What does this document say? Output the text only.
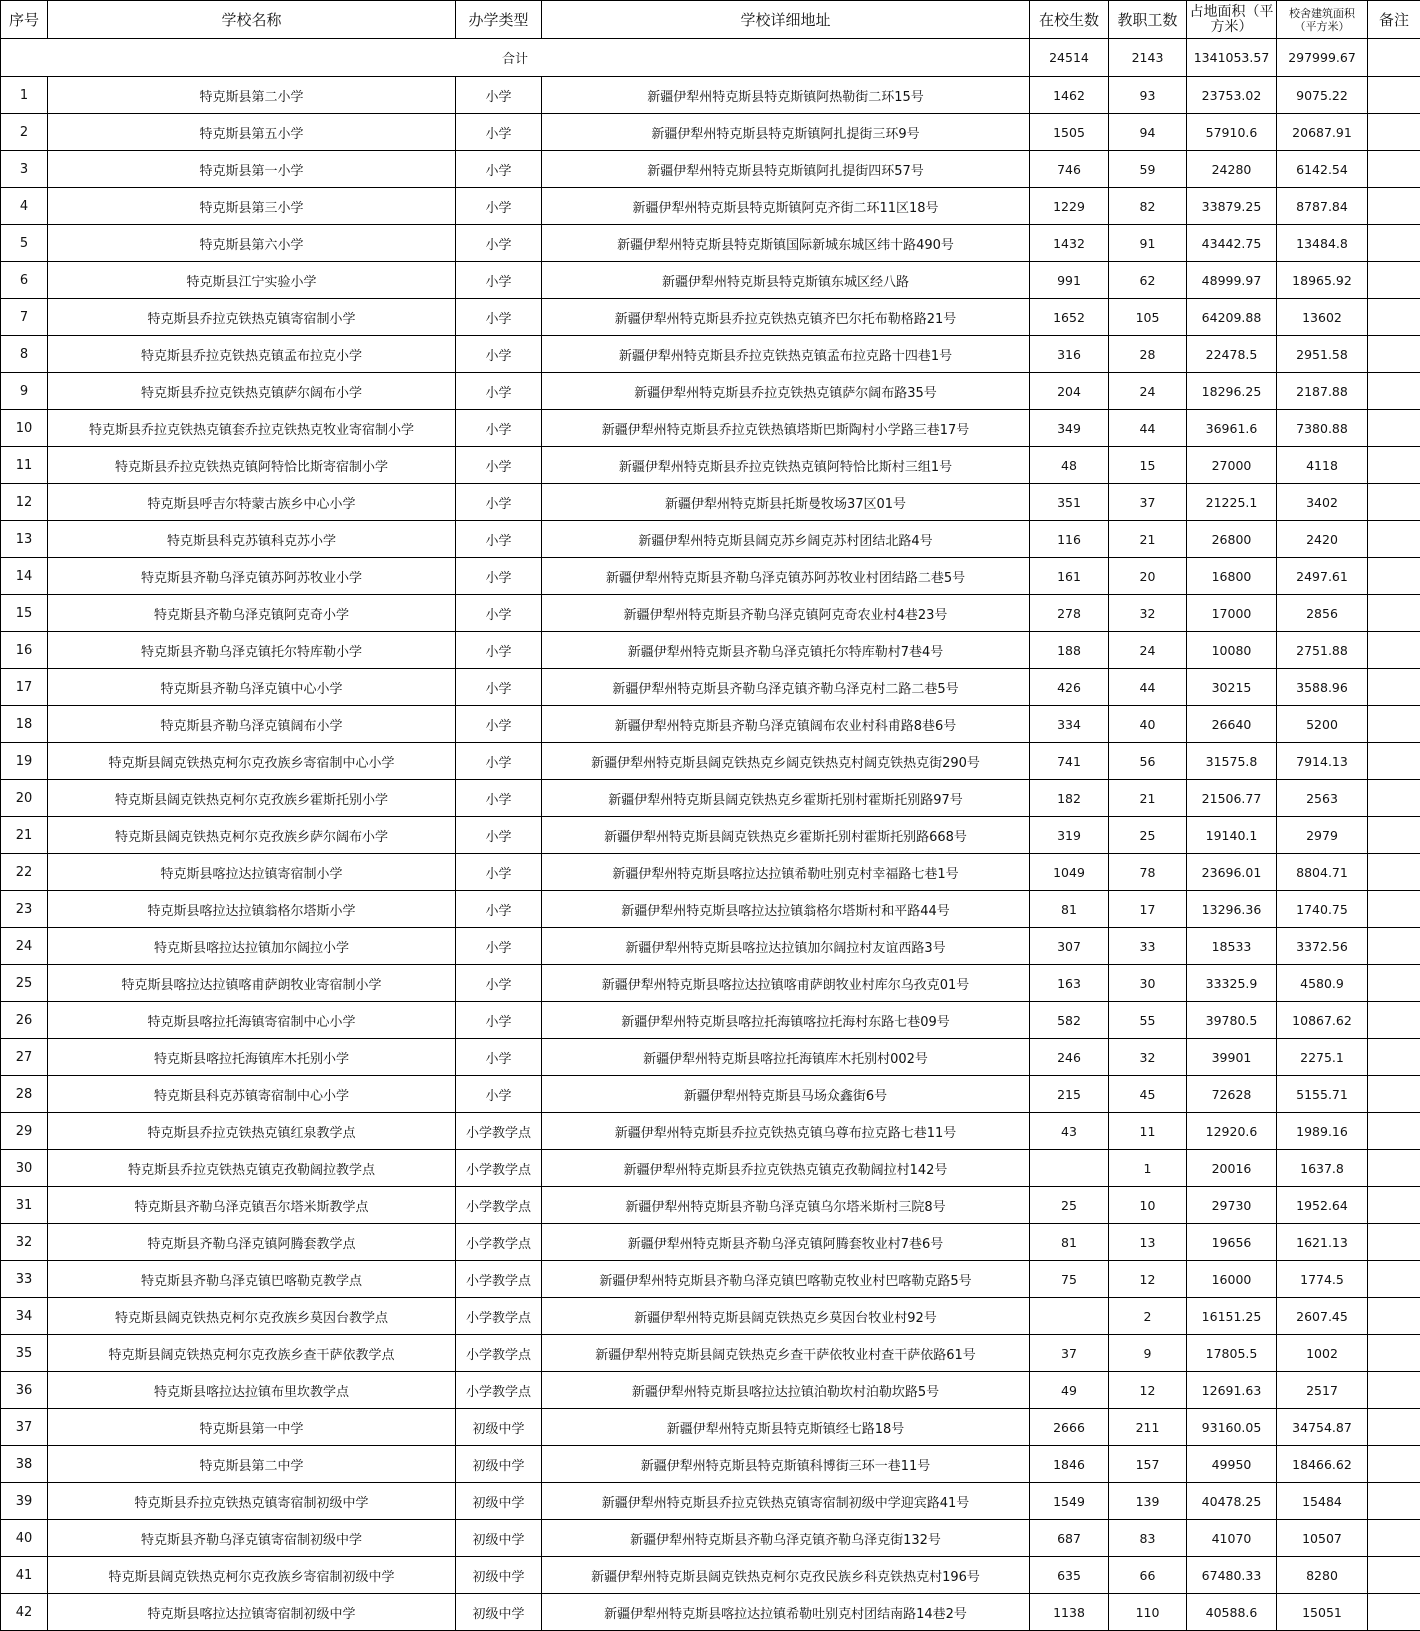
序号	学校名称	办学类型	学校详细地址	在校生数	教职工数	占地面积（平方米）	校舍建筑面积（平方米）	备注
合计				24514	2143	1341053.57	297999.67	
1	特克斯县第二小学	小学	新疆伊犁州特克斯县特克斯镇阿热勒街二环15号	1462	93	23753.02	9075.22	
2	特克斯县第五小学	小学	新疆伊犁州特克斯县特克斯镇阿扎提街三环9号	1505	94	57910.6	20687.91	
3	特克斯县第一小学	小学	新疆伊犁州特克斯县特克斯镇阿扎提街四环57号	746	59	24280	6142.54	
4	特克斯县第三小学	小学	新疆伊犁州特克斯县特克斯镇阿克齐街二环11区18号	1229	82	33879.25	8787.84	
5	特克斯县第六小学	小学	新疆伊犁州特克斯县特克斯镇国际新城东城区纬十路490号	1432	91	43442.75	13484.8	
6	特克斯县江宁实验小学	小学	新疆伊犁州特克斯县特克斯镇东城区经八路	991	62	48999.97	18965.92	
7	特克斯县乔拉克铁热克镇寄宿制小学	小学	新疆伊犁州特克斯县乔拉克铁热克镇齐巴尔托布勒格路21号	1652	105	64209.88	13602	
8	特克斯县乔拉克铁热克镇孟布拉克小学	小学	新疆伊犁州特克斯县乔拉克铁热克镇孟布拉克路十四巷1号	316	28	22478.5	2951.58	
9	特克斯县乔拉克铁热克镇萨尔阔布小学	小学	新疆伊犁州特克斯县乔拉克铁热克镇萨尔阔布路35号	204	24	18296.25	2187.88	
10	特克斯县乔拉克铁热克镇套乔拉克铁热克牧业寄宿制小学	小学	新疆伊犁州特克斯县乔拉克铁热镇塔斯巴斯陶村小学路三巷17号	349	44	36961.6	7380.88	
11	特克斯县乔拉克铁热克镇阿特恰比斯寄宿制小学	小学	新疆伊犁州特克斯县乔拉克铁热克镇阿特恰比斯村三组1号	48	15	27000	4118	
12	特克斯县呼吉尔特蒙古族乡中心小学	小学	新疆伊犁州特克斯县托斯曼牧场37区01号	351	37	21225.1	3402	
13	特克斯县科克苏镇科克苏小学	小学	新疆伊犁州特克斯县阔克苏乡阔克苏村团结北路4号	116	21	26800	2420	
14	特克斯县齐勒乌泽克镇苏阿苏牧业小学	小学	新疆伊犁州特克斯县齐勒乌泽克镇苏阿苏牧业村团结路二巷5号	161	20	16800	2497.61	
15	特克斯县齐勒乌泽克镇阿克奇小学	小学	新疆伊犁州特克斯县齐勒乌泽克镇阿克奇农业村4巷23号	278	32	17000	2856	
16	特克斯县齐勒乌泽克镇托尔特库勒小学	小学	新疆伊犁州特克斯县齐勒乌泽克镇托尔特库勒村7巷4号	188	24	10080	2751.88	
17	特克斯县齐勒乌泽克镇中心小学	小学	新疆伊犁州特克斯县齐勒乌泽克镇齐勒乌泽克村二路二巷5号	426	44	30215	3588.96	
18	特克斯县齐勒乌泽克镇阔布小学	小学	新疆伊犁州特克斯县齐勒乌泽克镇阔布农业村科甫路8巷6号	334	40	26640	5200	
19	特克斯县阔克铁热克柯尔克孜族乡寄宿制中心小学	小学	新疆伊犁州特克斯县阔克铁热克乡阔克铁热克村阔克铁热克街290号	741	56	31575.8	7914.13	
20	特克斯县阔克铁热克柯尔克孜族乡霍斯托别小学	小学	新疆伊犁州特克斯县阔克铁热克乡霍斯托别村霍斯托别路97号	182	21	21506.77	2563	
21	特克斯县阔克铁热克柯尔克孜族乡萨尔阔布小学	小学	新疆伊犁州特克斯县阔克铁热克乡霍斯托别村霍斯托别路668号	319	25	19140.1	2979	
22	特克斯县喀拉达拉镇寄宿制小学	小学	新疆伊犁州特克斯县喀拉达拉镇希勒吐别克村幸福路七巷1号	1049	78	23696.01	8804.71	
23	特克斯县喀拉达拉镇翁格尔塔斯小学	小学	新疆伊犁州特克斯县喀拉达拉镇翁格尔塔斯村和平路44号	81	17	13296.36	1740.75	
24	特克斯县喀拉达拉镇加尔阔拉小学	小学	新疆伊犁州特克斯县喀拉达拉镇加尔阔拉村友谊西路3号	307	33	18533	3372.56	
25	特克斯县喀拉达拉镇喀甫萨朗牧业寄宿制小学	小学	新疆伊犁州特克斯县喀拉达拉镇喀甫萨朗牧业村库尔乌孜克01号	163	30	33325.9	4580.9	
26	特克斯县喀拉托海镇寄宿制中心小学	小学	新疆伊犁州特克斯县喀拉托海镇喀拉托海村东路七巷09号	582	55	39780.5	10867.62	
27	特克斯县喀拉托海镇库木托别小学	小学	新疆伊犁州特克斯县喀拉托海镇库木托别村002号	246	32	39901	2275.1	
28	特克斯县科克苏镇寄宿制中心小学	小学	新疆伊犁州特克斯县马场众鑫街6号	215	45	72628	5155.71	
29	特克斯县乔拉克铁热克镇红泉教学点	小学教学点	新疆伊犁州特克斯县乔拉克铁热克镇乌尊布拉克路七巷11号	43	11	12920.6	1989.16	
30	特克斯县乔拉克铁热克镇克孜勒阔拉教学点	小学教学点	新疆伊犁州特克斯县乔拉克铁热克镇克孜勒阔拉村142号		1	20016	1637.8	
31	特克斯县齐勒乌泽克镇吾尔塔米斯教学点	小学教学点	新疆伊犁州特克斯县齐勒乌泽克镇乌尔塔米斯村三院8号	25	10	29730	1952.64	
32	特克斯县齐勒乌泽克镇阿腾套教学点	小学教学点	新疆伊犁州特克斯县齐勒乌泽克镇阿腾套牧业村7巷6号	81	13	19656	1621.13	
33	特克斯县齐勒乌泽克镇巴喀勒克教学点	小学教学点	新疆伊犁州特克斯县齐勒乌泽克镇巴喀勒克牧业村巴喀勒克路5号	75	12	16000	1774.5	
34	特克斯县阔克铁热克柯尔克孜族乡莫因台教学点	小学教学点	新疆伊犁州特克斯县阔克铁热克乡莫因台牧业村92号		2	16151.25	2607.45	
35	特克斯县阔克铁热克柯尔克孜族乡查干萨依教学点	小学教学点	新疆伊犁州特克斯县阔克铁热克乡查干萨依牧业村查干萨依路61号	37	9	17805.5	1002	
36	特克斯县喀拉达拉镇布里坎教学点	小学教学点	新疆伊犁州特克斯县喀拉达拉镇泊勒坎村泊勒坎路5号	49	12	12691.63	2517	
37	特克斯县第一中学	初级中学	新疆伊犁州特克斯县特克斯镇经七路18号	2666	211	93160.05	34754.87	
38	特克斯县第二中学	初级中学	新疆伊犁州特克斯县特克斯镇科博街三环一巷11号	1846	157	49950	18466.62	
39	特克斯县乔拉克铁热克镇寄宿制初级中学	初级中学	新疆伊犁州特克斯县乔拉克铁热克镇寄宿制初级中学迎宾路41号	1549	139	40478.25	15484	
40	特克斯县齐勒乌泽克镇寄宿制初级中学	初级中学	新疆伊犁州特克斯县齐勒乌泽克镇齐勒乌泽克街132号	687	83	41070	10507	
41	特克斯县阔克铁热克柯尔克孜族乡寄宿制初级中学	初级中学	新疆伊犁州特克斯县阔克铁热克柯尔克孜民族乡科克铁热克村196号	635	66	67480.33	8280	
42	特克斯县喀拉达拉镇寄宿制初级中学	初级中学	新疆伊犁州特克斯县喀拉达拉镇希勒吐别克村团结南路14巷2号	1138	110	40588.6	15051	
